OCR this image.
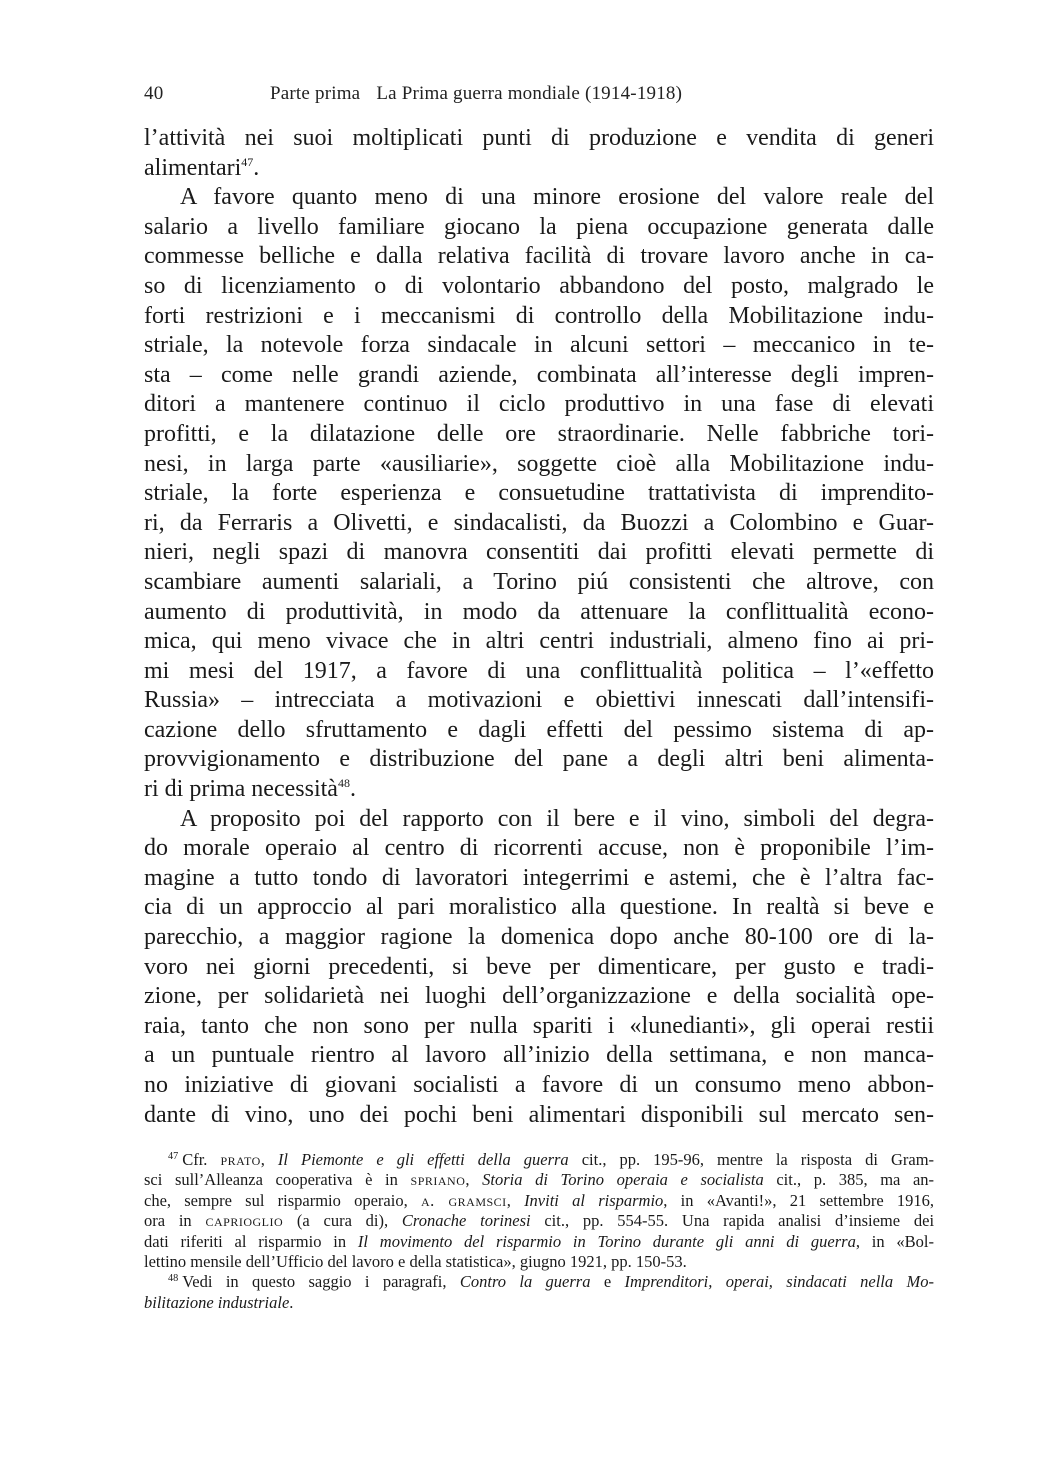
40	Parte prima La Prima guerra mondiale (1914-1918)
l’attività nei suoi moltiplicati punti di produzione e vendita di generi
alimentari$^{47}$.
A favore quanto meno di una minore erosione del valore reale del
salario a livello familiare giocano la piena occupazione generata dalle
commesse belliche e dalla relativa facilità di trovare lavoro anche in ca-
so di licenziamento o di volontario abbandono del posto, malgrado le
forti restrizioni e i meccanismi di controllo della Mobilitazione indu-
striale, la notevole forza sindacale in alcuni settori – meccanico in te-
sta – come nelle grandi aziende, combinata all’interesse degli impren-
ditori a mantenere continuo il ciclo produttivo in una fase di elevati
profitti, e la dilatazione delle ore straordinarie. Nelle fabbriche tori-
nesi, in larga parte «ausiliarie», soggette cioè alla Mobilitazione indu-
striale, la forte esperienza e consuetudine trattativista di imprendito-
ri, da Ferraris a Olivetti, e sindacalisti, da Buozzi a Colombino e Guar-
nieri, negli spazi di manovra consentiti dai profitti elevati permette di
scambiare aumenti salariali, a Torino piú consistenti che altrove, con
aumento di produttività, in modo da attenuare la conflittualità econo-
mica, qui meno vivace che in altri centri industriali, almeno fino ai pri-
mi mesi del 1917, a favore di una conflittualità politica – l’«effetto
Russia» – intrecciata a motivazioni e obiettivi innescati dall’intensifi-
cazione dello sfruttamento e dagli effetti del pessimo sistema di ap-
provvigionamento e distribuzione del pane a degli altri beni alimenta-
ri di prima necessità$^{48}$.
A proposito poi del rapporto con il bere e il vino, simboli del degra-
do morale operaio al centro di ricorrenti accuse, non è proponibile l’im-
magine a tutto tondo di lavoratori integerrimi e astemi, che è l’altra fac-
cia di un approccio al pari moralistico alla questione. In realtà si beve e
parecchio, a maggior ragione la domenica dopo anche 80-100 ore di la-
voro nei giorni precedenti, si beve per dimenticare, per gusto e tradi-
zione, per solidarietà nei luoghi dell’organizzazione e della socialità ope-
raia, tanto che non sono per nulla spariti i «lunedianti», gli operai restii
a un puntuale rientro al lavoro all’inizio della settimana, e non manca-
no iniziative di giovani socialisti a favore di un consumo meno abbon-
dante di vino, uno dei pochi beni alimentari disponibili sul mercato sen-
$^{47}$ Cfr. prato, Il Piemonte e gli effetti della guerra cit., pp. 195-96, mentre la risposta di Gram-
sci sull’Alleanza cooperativa è in spriano, Storia di Torino operaia e socialista cit., p. 385, ma an-
che, sempre sul risparmio operaio, a. gramsci, Inviti al risparmio, in «Avanti!», 21 settembre 1916,
ora in caprioglio (a cura di), Cronache torinesi cit., pp. 554-55. Una rapida analisi d’insieme dei
dati riferiti al risparmio in Il movimento del risparmio in Torino durante gli anni di guerra, in «Bol-
lettino mensile dell’Ufficio del lavoro e della statistica», giugno 1921, pp. 150-53.
$^{48}$ Vedi in questo saggio i paragrafi, Contro la guerra e Imprenditori, operai, sindacati nella Mo-
bilitazione industriale.
